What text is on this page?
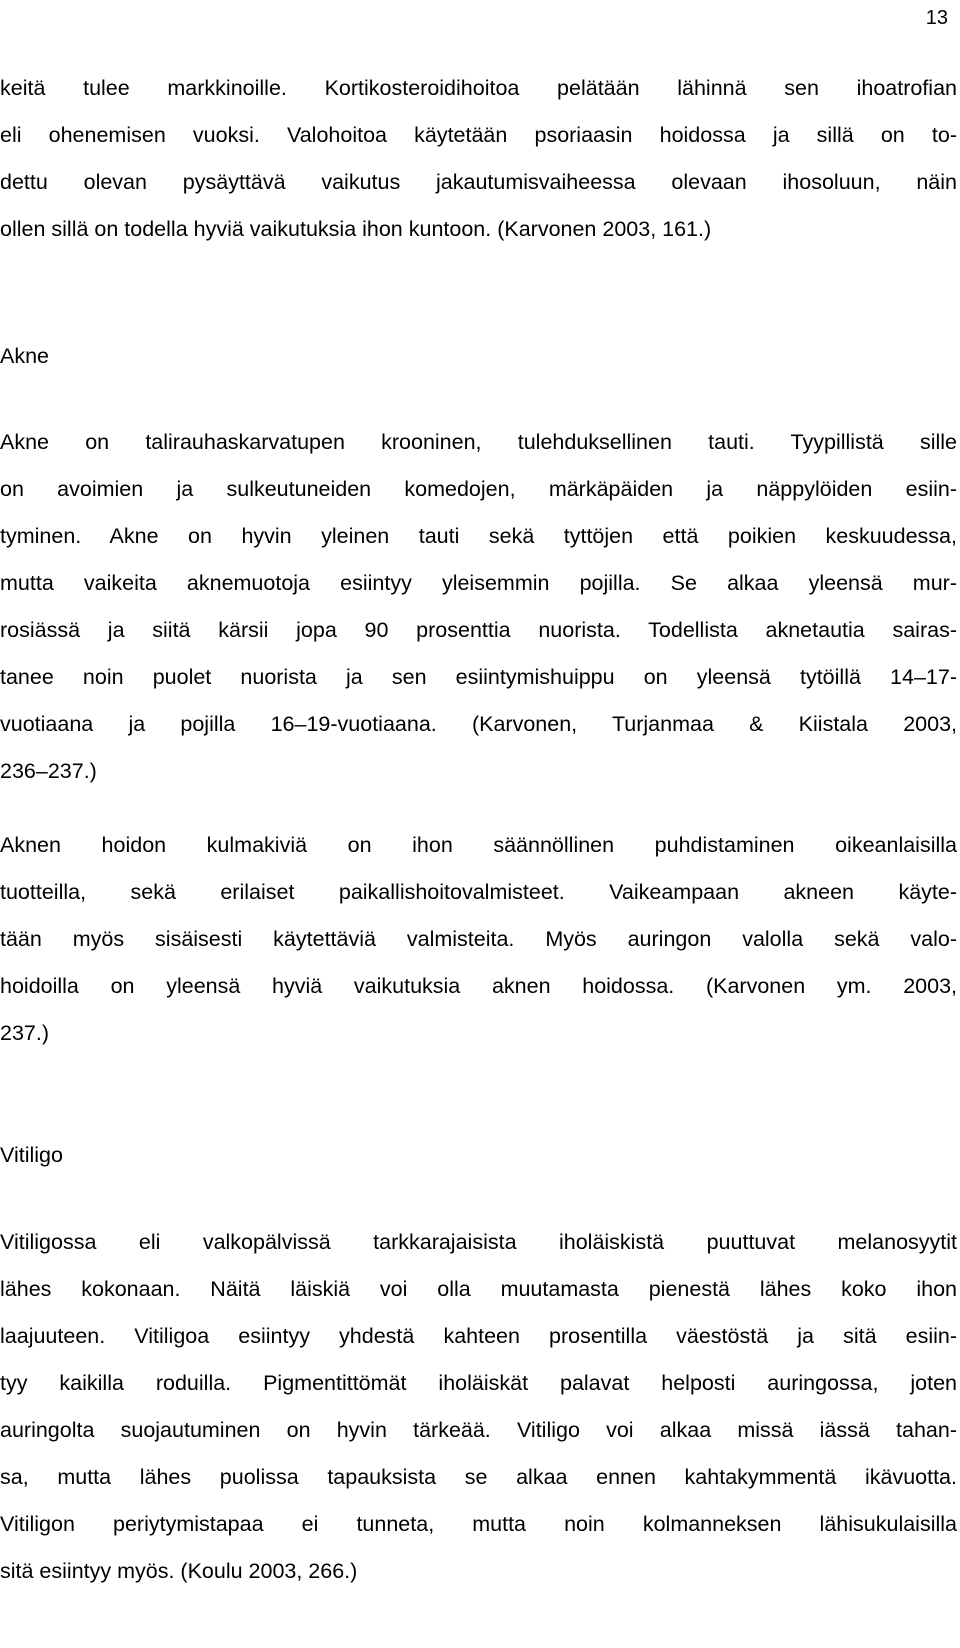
13
keitä tulee markkinoille. Kortikosteroidihoitoa pelätään lähinnä sen ihoatrofian
eli ohenemisen vuoksi. Valohoitoa käytetään psoriaasin hoidossa ja sillä on to-
dettu olevan pysäyttävä vaikutus jakautumisvaiheessa olevaan ihosoluun, näin
ollen sillä on todella hyviä vaikutuksia ihon kuntoon. (Karvonen 2003, 161.)
Akne
Akne on talirauhaskarvatupen krooninen, tulehduksellinen tauti. Tyypillistä sille
on avoimien ja sulkeutuneiden komedojen, märkäpäiden ja näppylöiden esiin-
tyminen. Akne on hyvin yleinen tauti sekä tyttöjen että poikien keskuudessa,
mutta vaikeita aknemuotoja esiintyy yleisemmin pojilla. Se alkaa yleensä mur-
rosiässä ja siitä kärsii jopa 90 prosenttia nuorista. Todellista aknetautia sairas-
tanee noin puolet nuorista ja sen esiintymishuippu on yleensä tytöillä 14–17-
vuotiaana ja pojilla 16–19-vuotiaana. (Karvonen, Turjanmaa & Kiistala 2003,
236–237.)
Aknen hoidon kulmakiviä on ihon säännöllinen puhdistaminen oikeanlaisilla
tuotteilla, sekä erilaiset paikallishoitovalmisteet. Vaikeampaan akneen käyte-
tään myös sisäisesti käytettäviä valmisteita. Myös auringon valolla sekä valo-
hoidoilla on yleensä hyviä vaikutuksia aknen hoidossa. (Karvonen ym. 2003,
237.)
Vitiligo
Vitiligossa eli valkopälvissä tarkkarajaisista iholäiskistä puuttuvat melanosyytit
lähes kokonaan. Näitä läiskiä voi olla muutamasta pienestä lähes koko ihon
laajuuteen. Vitiligoa esiintyy yhdestä kahteen prosentilla väestöstä ja sitä esiin-
tyy kaikilla roduilla. Pigmentittömät iholäiskät palavat helposti auringossa, joten
auringolta suojautuminen on hyvin tärkeää. Vitiligo voi alkaa missä iässä tahan-
sa, mutta lähes puolissa tapauksista se alkaa ennen kahtakymmentä ikävuotta.
Vitiligon periytymistapaa ei tunneta, mutta noin kolmanneksen lähisukulaisilla
sitä esiintyy myös. (Koulu 2003, 266.)
